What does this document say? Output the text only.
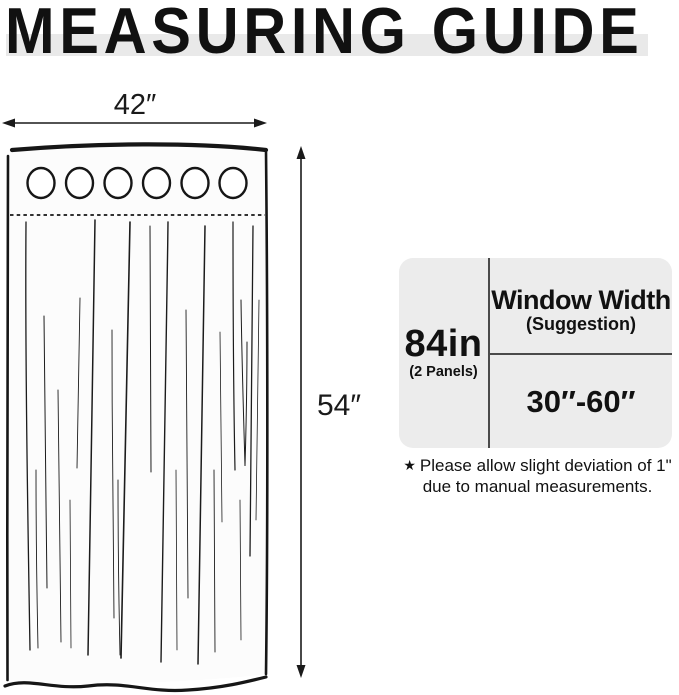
MEASURING GUIDE
42″
54″
84in
(2 Panels)
Window Width
(Suggestion)
30″-60″
★ Please allow slight deviation of 1"
due to manual measurements.
